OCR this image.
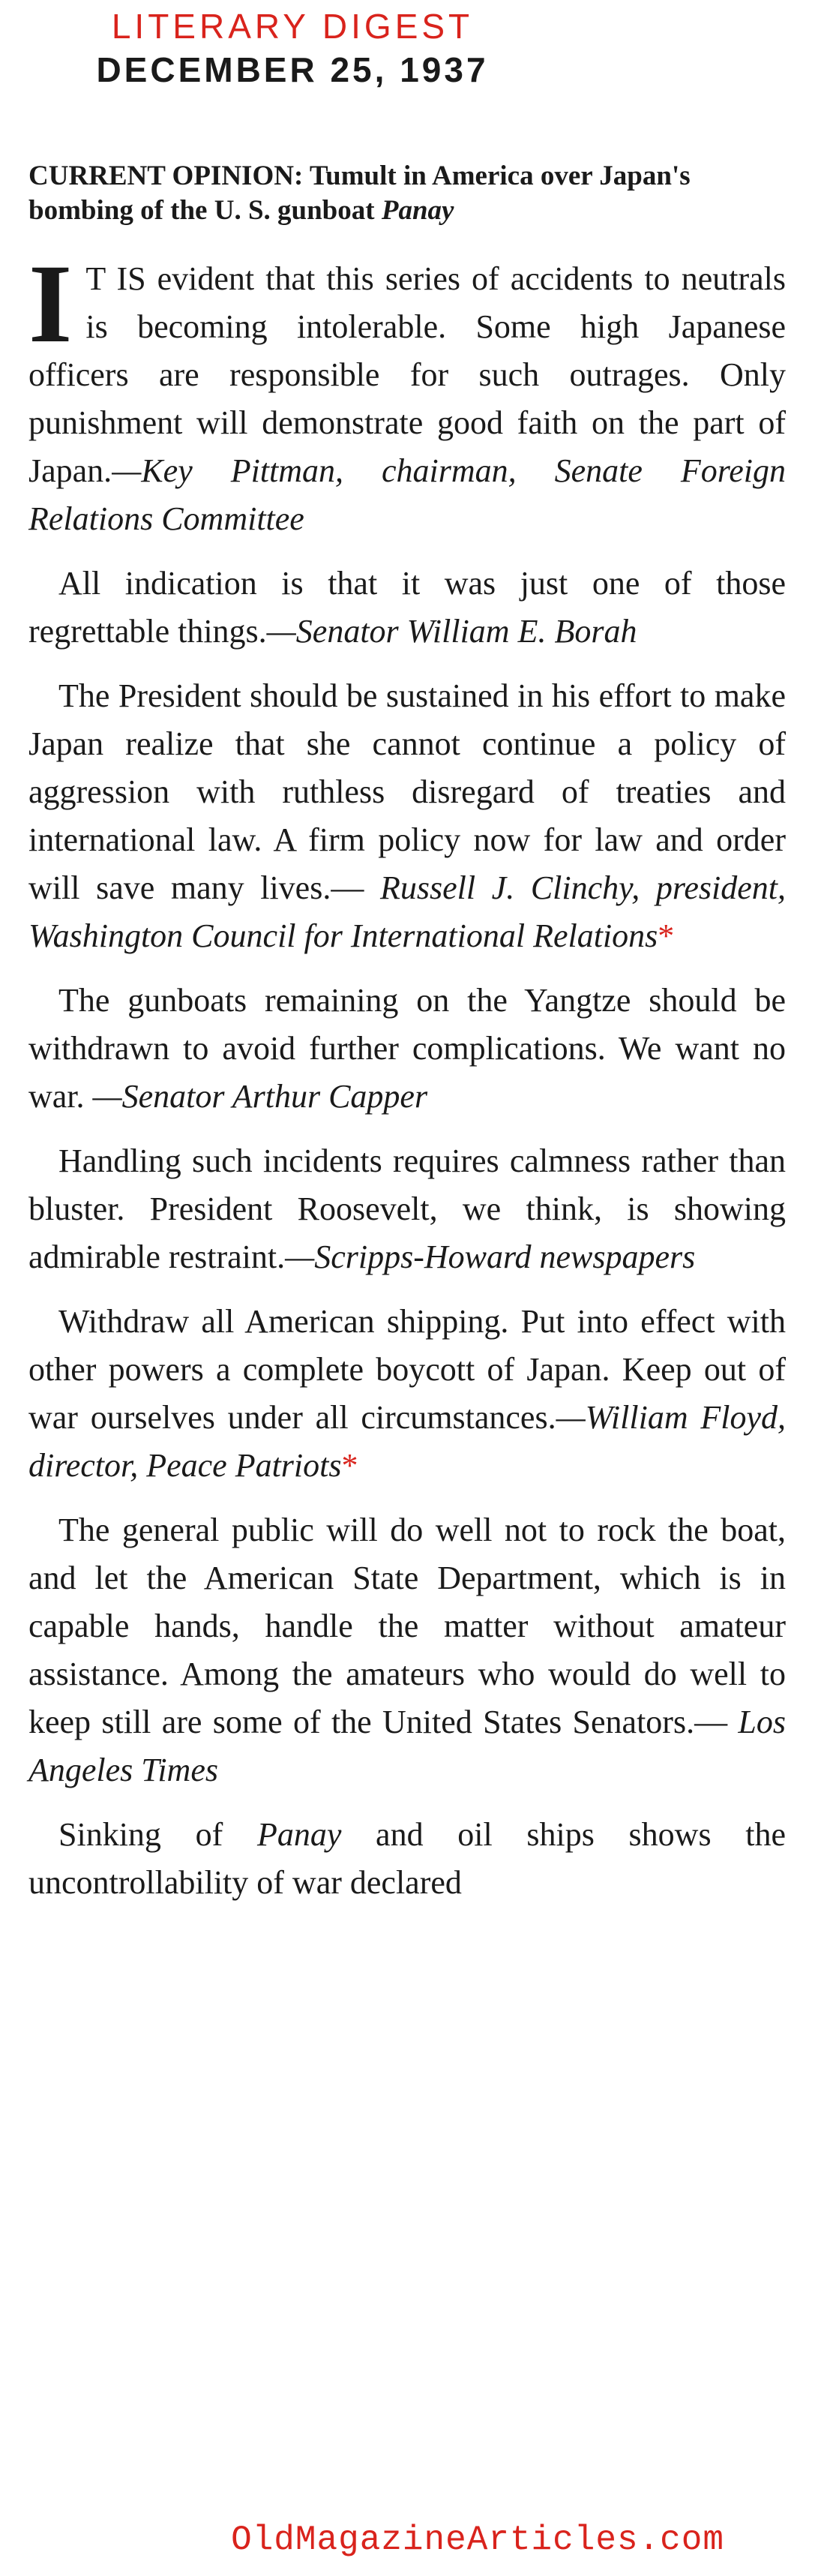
LITERARY DIGEST
DECEMBER 25, 1937
CURRENT OPINION: Tumult in America over Japan's bombing of the U. S. gunboat Panay

I T IS evident that this series of accidents to neutrals is becoming intolerable. Some high Japanese officers are responsible for such outrages. Only punishment will demonstrate good faith on the part of Japan.—Key Pittman, chairman, Senate Foreign Relations Committee

All indication is that it was just one of those regrettable things.—Senator William E. Borah

The President should be sustained in his effort to make Japan realize that she cannot continue a policy of aggression with ruthless disregard of treaties and international law. A firm policy now for law and order will save many lives.— Russell J. Clinchy, president, Washington Council for International Relations*

The gunboats remaining on the Yangtze should be withdrawn to avoid further complications. We want no war. —Senator Arthur Capper

Handling such incidents requires calmness rather than bluster. President Roosevelt, we think, is showing admirable restraint.—Scripps-Howard newspapers

Withdraw all American shipping. Put into effect with other powers a complete boycott of Japan. Keep out of war ourselves under all circumstances.—William Floyd, director, Peace Patriots*

The general public will do well not to rock the boat, and let the American State Department, which is in capable hands, handle the matter without amateur assistance. Among the amateurs who would do well to keep still are some of the United States Senators.— Los Angeles Times

Sinking of Panay and oil ships shows the uncontrollability of war declared

OldMagazineArticles.com
